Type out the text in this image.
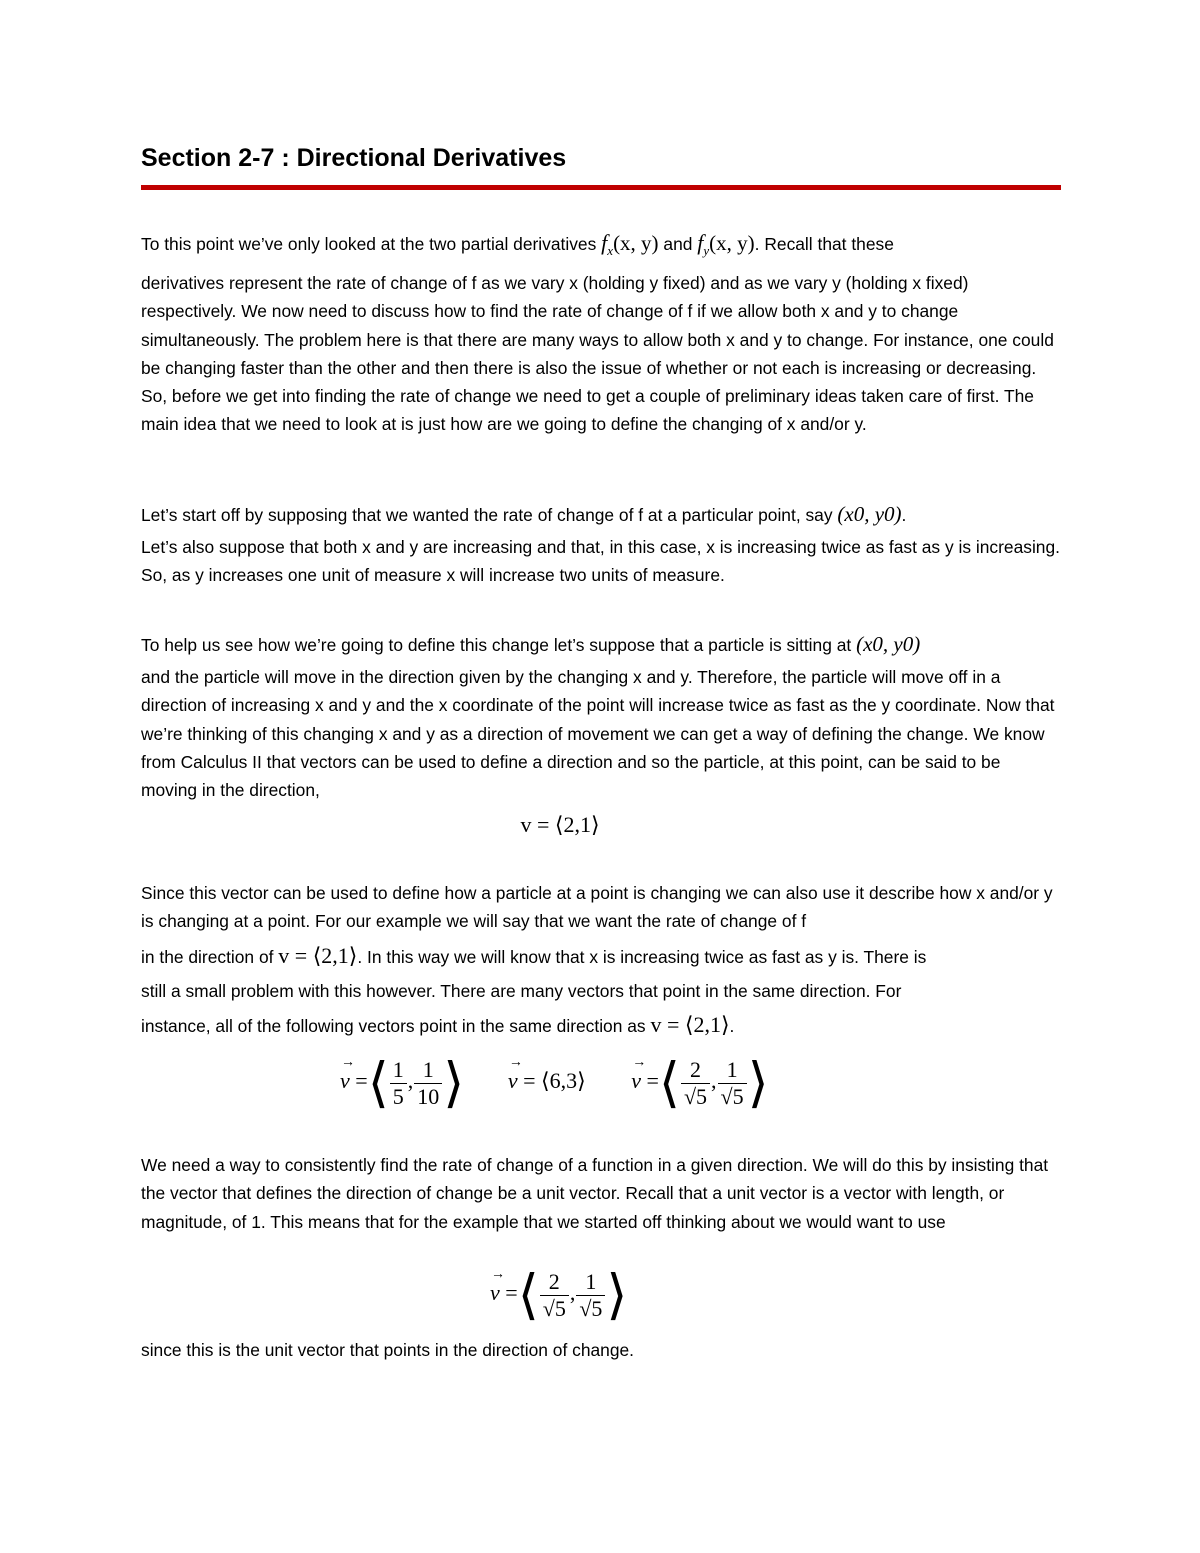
Section 2-7 : Directional Derivatives

To this point we’ve only looked at the two partial derivatives $f_x(x$, y) and $f_y(x$, y). Recall that these

derivatives represent the rate of change of f as we vary x (holding y fixed) and as we vary y (holding x fixed) respectively. We now need to discuss how to find the rate of change of f if we allow both x and y to change simultaneously. The problem here is that there are many ways to allow both x and y to change. For instance, one could be changing faster than the other and then there is also the issue of whether or not each is increasing or decreasing. So, before we get into finding the rate of change we need to get a couple of preliminary ideas taken care of first. The main idea that we need to look at is just how are we going to define the changing of x and/or y.

Let’s start off by supposing that we wanted the rate of change of f at a particular point, say (x0, y0).

Let’s also suppose that both x and y are increasing and that, in this case, x is increasing twice as fast as y is increasing. So, as y increases one unit of measure x will increase two units of measure.

To help us see how we’re going to define this change let’s suppose that a particle is sitting at (x0, y0)

and the particle will move in the direction given by the changing x and y. Therefore, the particle will move off in a direction of increasing x and y and the x coordinate of the point will increase twice as fast as the y coordinate. Now that we’re thinking of this changing x and y as a direction of movement we can get a way of defining the change. We know from Calculus II that vectors can be used to define a direction and so the particle, at this point, can be said to be moving in the direction,

v = ⟨2,1⟩

Since this vector can be used to define how a particle at a point is changing we can also use it describe how x and/or y is changing at a point. For our example we will say that we want the rate of change of f

in the direction of v = ⟨2,1⟩. In this way we will know that x is increasing twice as fast as y is. There is

still a small problem with this however. There are many vectors that point in the same direction. For

instance, all of the following vectors point in the same direction as v = ⟨2,1⟩.

v
→
=⟨ $\frac{1}{5}$ , $\frac{1}{10}$ ⟩ v
→
= ⟨6,3⟩ v
→
=⟨ $\frac{2}{√5}$ , $\frac{1}{√5}$ ⟩

We need a way to consistently find the rate of change of a function in a given direction. We will do this by insisting that the vector that defines the direction of change be a unit vector. Recall that a unit vector is a vector with length, or magnitude, of 1. This means that for the example that we started off thinking about we would want to use

v
→
=⟨ $\frac{2}{√5}$ , $\frac{1}{√5}$ ⟩

since this is the unit vector that points in the direction of change.
